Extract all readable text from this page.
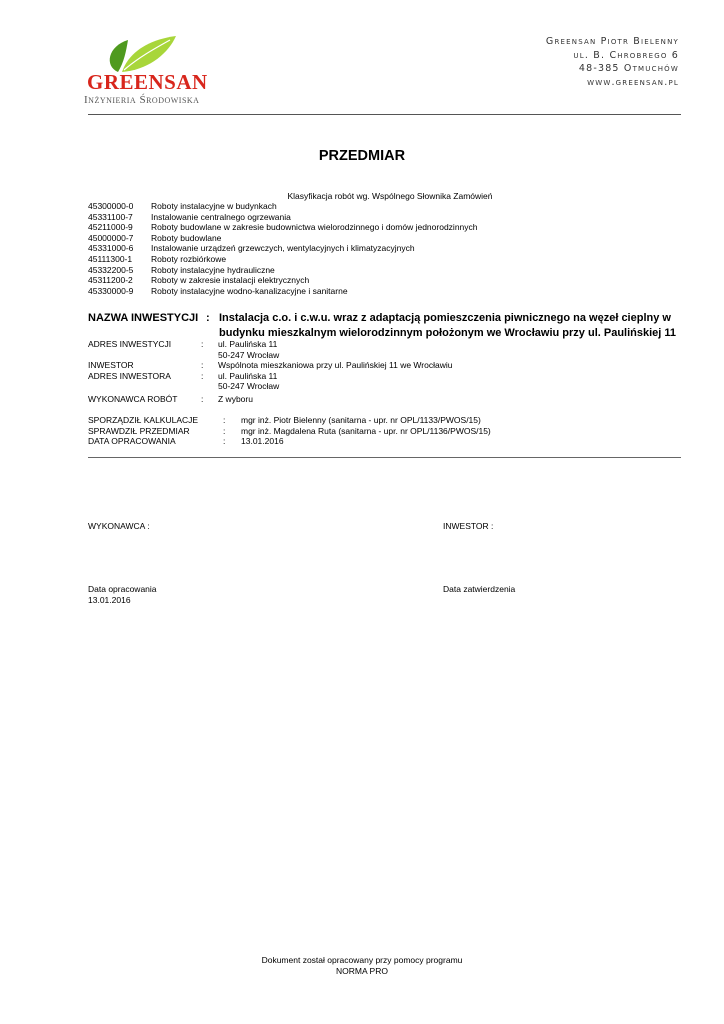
GREENSAN
Inżynieria Środowiska
Greensan Piotr Bielenny
ul. B. Chrobrego 6
48-385 Otmuchów
www.greensan.pl
PRZEDMIAR
Klasyfikacja robót wg. Wspólnego Słownika Zamówień
45300000-0 Roboty instalacyjne w budynkach
45331100-7 Instalowanie centralnego ogrzewania
45211000-9 Roboty budowlane w zakresie budownictwa wielorodzinnego i domów jednorodzinnych
45000000-7 Roboty budowlane
45331000-6 Instalowanie urządzeń grzewczych, wentylacyjnych i klimatyzacyjnych
45111300-1 Roboty rozbiórkowe
45332200-5 Roboty instalacyjne hydrauliczne
45311200-2 Roboty w zakresie instalacji elektrycznych
45330000-9 Roboty instalacyjne wodno-kanalizacyjne i sanitarne
NAZWA INWESTYCJI : Instalacja c.o. i c.w.u. wraz z adaptacją pomieszczenia piwnicznego na węzeł cieplny w budynku mieszkalnym wielorodzinnym położonym we Wrocławiu przy ul. Paulińskiej 11
ADRES INWESTYCJI	: ul. Paulińska 11
50-247 Wrocław
INWESTOR	: Wspólnota mieszkaniowa przy ul. Paulińskiej 11 we Wrocławiu
ADRES INWESTORA	: ul. Paulińska 11
50-247 Wrocław
WYKONAWCA ROBÓT	: Z wyboru
SPORZĄDZIŁ KALKULACJE	: mgr inż. Piotr Bielenny (sanitarna - upr. nr OPL/1133/PWOS/15)
SPRAWDZIŁ PRZEDMIAR	: mgr inż. Magdalena Ruta (sanitarna - upr. nr OPL/1136/PWOS/15)
DATA OPRACOWANIA	: 13.01.2016
WYKONAWCA :	INWESTOR :
Data opracowania
13.01.2016
Data zatwierdzenia
Dokument został opracowany przy pomocy programu
NORMA PRO
